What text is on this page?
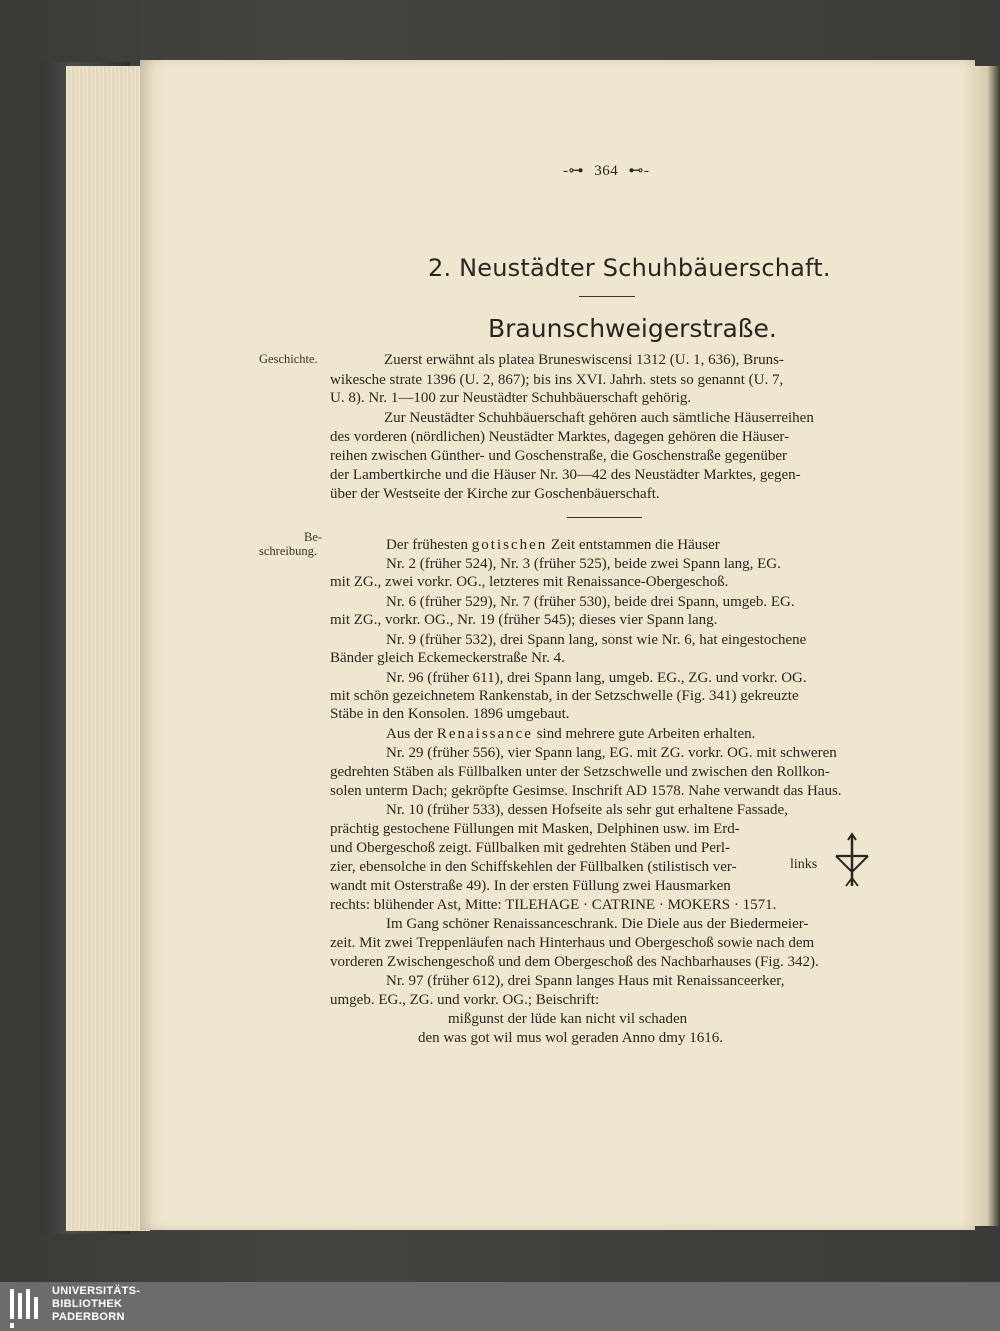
-⊶ 364 ⊷-
2. Neustädter Schuhbäuerschaft.
Braunschweigerstraße.
Geschichte.
Be-
schreibung.
Zuerst erwähnt als platea Bruneswiscensi 1312 (U. 1, 636), Bruns-
wikesche strate 1396 (U. 2, 867); bis ins XVI. Jahrh. stets so genannt (U. 7,
U. 8). Nr. 1—100 zur Neustädter Schuhbäuerschaft gehörig.
Zur Neustädter Schuhbäuerschaft gehören auch sämtliche Häuserreihen
des vorderen (nördlichen) Neustädter Marktes, dagegen gehören die Häuser-
reihen zwischen Günther- und Goschenstraße, die Goschenstraße gegenüber
der Lambertkirche und die Häuser Nr. 30—42 des Neustädter Marktes, gegen-
über der Westseite der Kirche zur Goschenbäuerschaft.
Der frühesten gotischen Zeit entstammen die Häuser
Nr. 2 (früher 524), Nr. 3 (früher 525), beide zwei Spann lang, EG.
mit ZG., zwei vorkr. OG., letzteres mit Renaissance-Obergeschoß.
Nr. 6 (früher 529), Nr. 7 (früher 530), beide drei Spann, umgeb. EG.
mit ZG., vorkr. OG., Nr. 19 (früher 545); dieses vier Spann lang.
Nr. 9 (früher 532), drei Spann lang, sonst wie Nr. 6, hat eingestochene
Bänder gleich Eckemeckerstraße Nr. 4.
Nr. 96 (früher 611), drei Spann lang, umgeb. EG., ZG. und vorkr. OG.
mit schön gezeichnetem Rankenstab, in der Setzschwelle (Fig. 341) gekreuzte
Stäbe in den Konsolen. 1896 umgebaut.
Aus der Renaissance sind mehrere gute Arbeiten erhalten.
Nr. 29 (früher 556), vier Spann lang, EG. mit ZG. vorkr. OG. mit schweren
gedrehten Stäben als Füllbalken unter der Setzschwelle und zwischen den Rollkon-
solen unterm Dach; gekröpfte Gesimse. Inschrift AD 1578. Nahe verwandt das Haus.
Nr. 10 (früher 533), dessen Hofseite als sehr gut erhaltene Fassade,
prächtig gestochene Füllungen mit Masken, Delphinen usw. im Erd-
und Obergeschoß zeigt. Füllbalken mit gedrehten Stäben und Perl-
zier, ebensolche in den Schiffskehlen der Füllbalken (stilistisch ver-
wandt mit Osterstraße 49). In der ersten Füllung zwei Hausmarken
rechts: blühender Ast, Mitte: TILEHAGE · CATRINE · MOKERS · 1571.
Im Gang schöner Renaissanceschrank. Die Diele aus der Biedermeier-
zeit. Mit zwei Treppenläufen nach Hinterhaus und Obergeschoß sowie nach dem
vorderen Zwischengeschoß und dem Obergeschoß des Nachbarhauses (Fig. 342).
Nr. 97 (früher 612), drei Spann langes Haus mit Renaissanceerker,
umgeb. EG., ZG. und vorkr. OG.; Beischrift:
mißgunst der lüde kan nicht vil schaden
den was got wil mus wol geraden Anno dmy 1616.
links
UNIVERSITÄTS-
BIBLIOTHEK
PADERBORN
